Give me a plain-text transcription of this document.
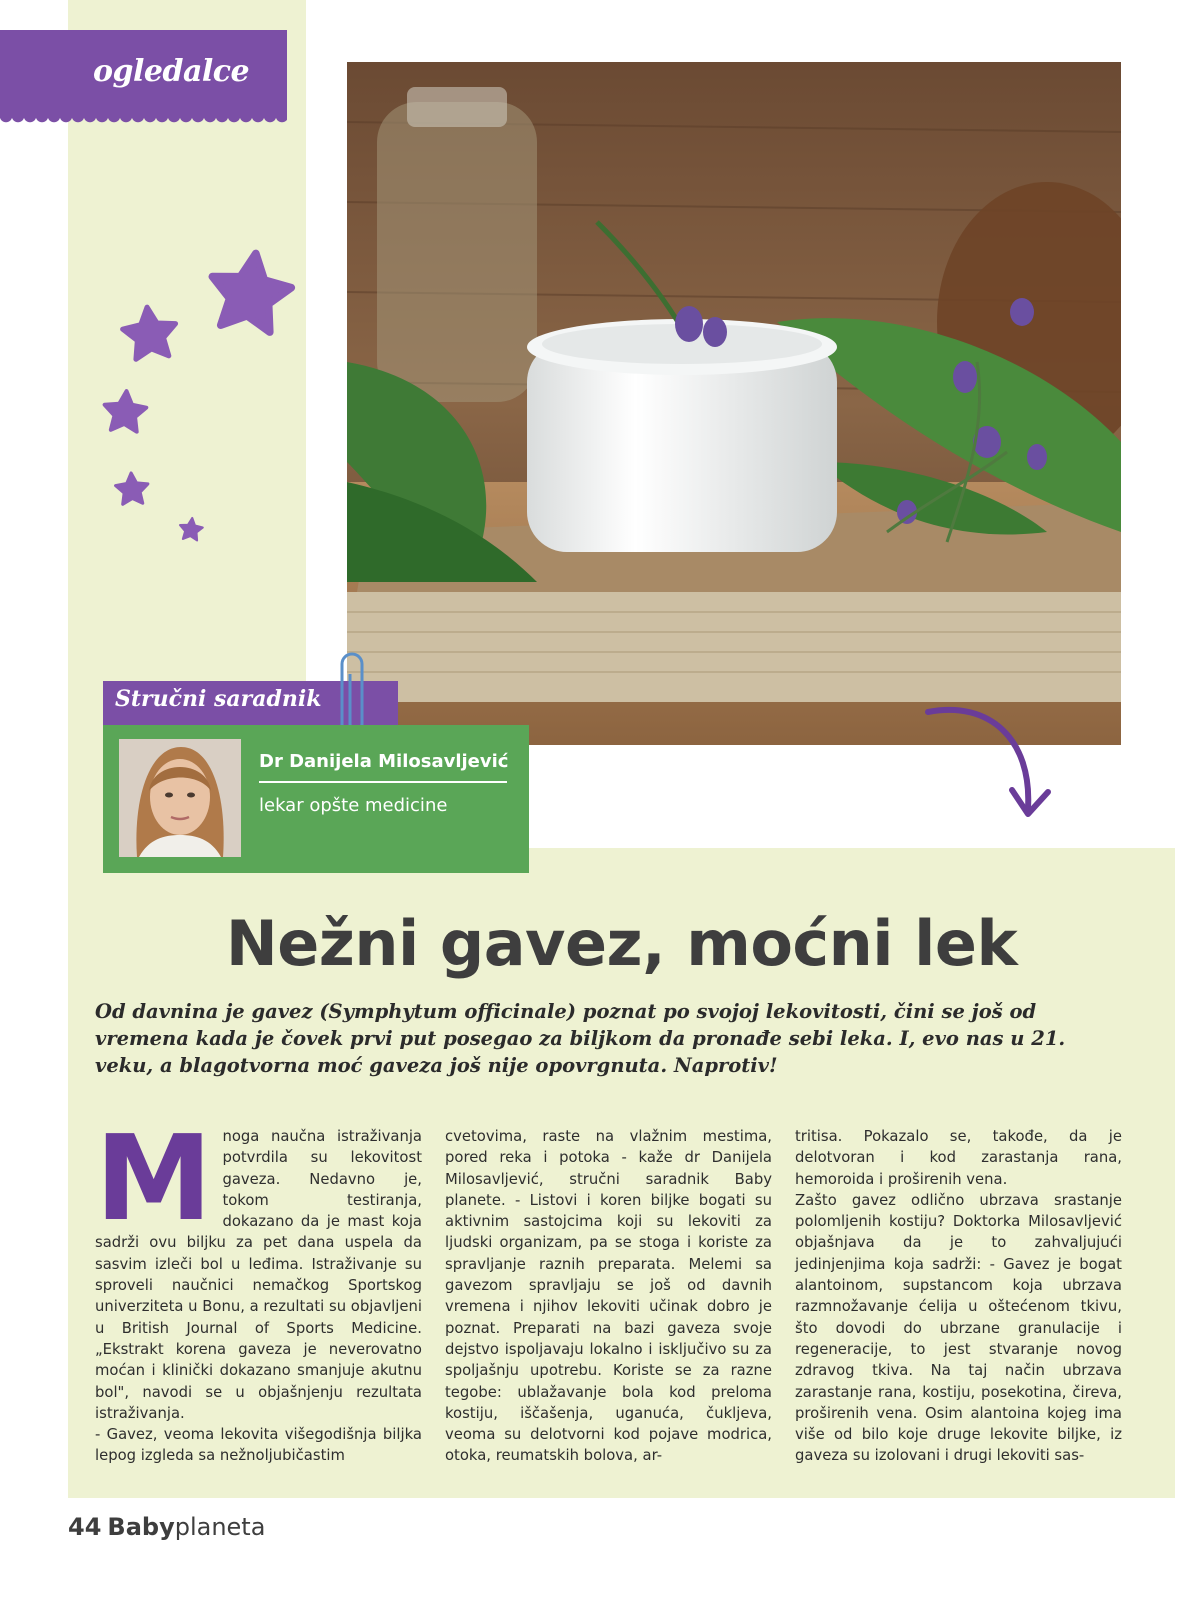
ogledalce
Stručni saradnik
Dr Danijela Milosavljević
lekar opšte medicine
Nežni gavez, moćni lek
Od davnina je gavez (Symphytum officinale) poznat po svojoj lekovitosti, čini se još od vremena kada je čovek prvi put posegao za biljkom da pronađe sebi leka. I, evo nas u 21. veku, a blagotvorna moć gaveza još nije opovrgnuta. Naprotiv!
M noga naučna istraživanja potvrdila su lekovitost gaveza. Nedavno je, tokom testiranja, dokazano da je mast koja sadrži ovu biljku za pet dana uspela da sasvim izleči bol u leđima. Istraživanje su sproveli naučnici nemačkog Sportskog univerziteta u Bonu, a rezultati su objavljeni u British Journal of Sports Medicine. „Ekstrakt korena gaveza je neverovatno moćan i klinički dokazano smanjuje akutnu bol", navodi se u objašnjenju rezultata istraživanja.

- Gavez, veoma lekovita višegodišnja biljka lepog izgleda sa nežnoljubičastim

cvetovima, raste na vlažnim mestima, pored reka i potoka - kaže dr Danijela Milosavljević, stručni saradnik Baby planete. - Listovi i koren biljke bogati su aktivnim sastojcima koji su lekoviti za ljudski organizam, pa se stoga i koriste za spravljanje raznih preparata. Melemi sa gavezom spravljaju se još od davnih vremena i njihov lekoviti učinak dobro je poznat. Preparati na bazi gaveza svoje dejstvo ispoljavaju lokalno i isključivo su za spoljašnju upotrebu. Koriste se za razne tegobe: ublažavanje bola kod preloma kostiju, iščašenja, uganuća, čukljeva, veoma su delotvorni kod pojave modrica, otoka, reumatskih bolova, ar-

tritisa. Pokazalo se, takođe, da je delotvoran i kod zarastanja rana, hemoroida i proširenih vena.

Zašto gavez odlično ubrzava srastanje polomljenih kostiju? Doktorka Milosavljević objašnjava da je to zahvaljujući jedinjenjima koja sadrži: - Gavez je bogat alantoinom, supstancom koja ubrzava razmnožavanje ćelija u oštećenom tkivu, što dovodi do ubrzane granulacije i regeneracije, to jest stvaranje novog zdravog tkiva. Na taj način ubrzava zarastanje rana, kostiju, posekotina, čireva, proširenih vena. Osim alantoina kojeg ima više od bilo koje druge lekovite biljke, iz gaveza su izolovani i drugi lekoviti sas-

44 Babyplaneta
